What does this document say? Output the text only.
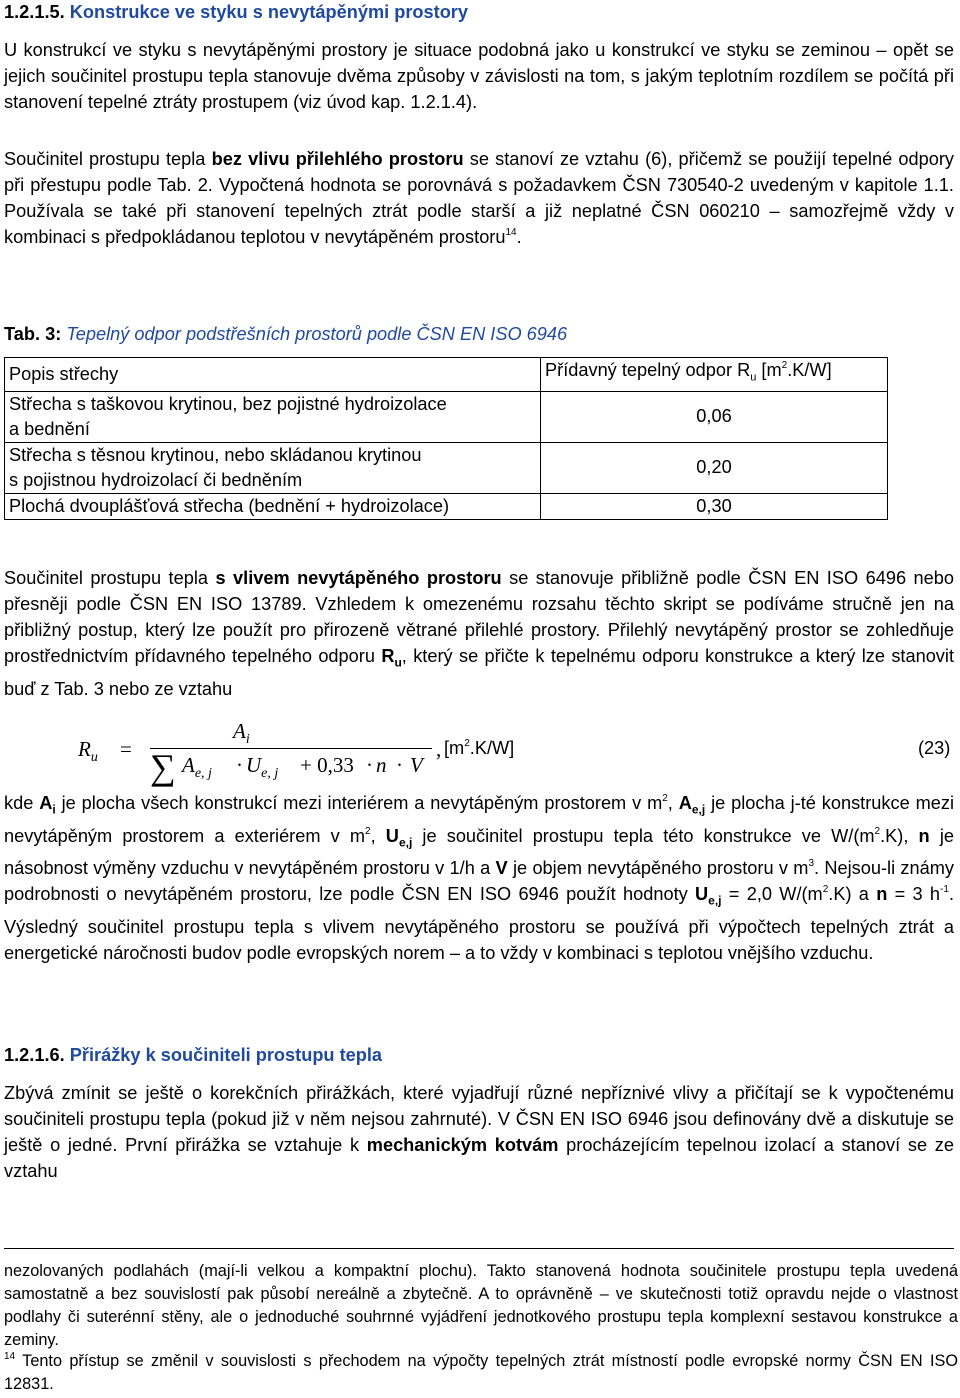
1.2.1.5. Konstrukce ve styku s nevytápěnými prostory

U konstrukcí ve styku s nevytápěnými prostory je situace podobná jako u konstrukcí ve styku se zeminou – opět se jejich součinitel prostupu tepla stanovuje dvěma způsoby v závislosti na tom, s jakým teplotním rozdílem se počítá při stanovení tepelné ztráty prostupem (viz úvod kap. 1.2.1.4).

Součinitel prostupu tepla bez vlivu přilehlého prostoru se stanoví ze vztahu (6), přičemž se použijí tepelné odpory při přestupu podle Tab. 2. Vypočtená hodnota se porovnává s požadavkem ČSN 730540-2 uvedeným v kapitole 1.1. Používala se také při stanovení tepelných ztrát podle starší a již neplatné ČSN 060210 – samozřejmě vždy v kombinaci s předpokládanou teplotou v nevytápěném prostoru$^{14}$.

Tab. 3: Tepelný odpor podstřešních prostorů podle ČSN EN ISO 6946
Popis střechy	Přídavný tepelný odpor $R_u$ $[m^2.K/W]$

Střecha s taškovou krytinou, bez pojistné hydroizolace
a bednění	0,06

Střecha s těsnou krytinou, nebo skládanou krytinou
s pojistnou hydroizolací či bedněním	0,20
Plochá dvouplášťová střecha (bednění + hydroizolace)	0,30

Součinitel prostupu tepla s vlivem nevytápěného prostoru se stanovuje přibližně podle ČSN EN ISO 6496 nebo přesněji podle ČSN EN ISO 13789. Vzhledem k omezenému rozsahu těchto skript se podíváme stručně jen na přibližný postup, který lze použít pro přirozeně větrané přilehlé prostory. Přilehlý nevytápěný prostor se zohledňuje prostřednictvím přídavného tepelného odporu $R_u$, který se přičte k tepelnému odporu konstrukce a který lze stanovit buď z Tab. 3 nebo ze vztahu

$R_u$ =
$A_i$
∑ $A_{e, j} \cdot U_{e, j} + 0,33 \cdot n \cdot V$
, $[m^2.K/W]$	(23)

kde $A_i$ je plocha všech konstrukcí mezi interiérem a nevytápěným prostorem v $m^2$, $A_{e,j}$ je plocha j-té konstrukce mezi nevytápěným prostorem a exteriérem v $m^2$, $U_{e,j}$ je součinitel prostupu tepla této konstrukce ve $W/(m^2.K)$, n je násobnost výměny vzduchu v nevytápěném prostoru v 1/h a V je objem nevytápěného prostoru v $m^3$. Nejsou-li známy podrobnosti o nevytápěném prostoru, lze podle ČSN EN ISO 6946 použít hodnoty $U_{e,j} = 2,0$ $W/(m^2.K)$ a n = 3 $h^{-1}$. Výsledný součinitel prostupu tepla s vlivem nevytápěného prostoru se používá při výpočtech tepelných ztrát a energetické náročnosti budov podle evropských norem – a to vždy v kombinaci s teplotou vnějšího vzduchu.

1.2.1.6. Přirážky k součiniteli prostupu tepla

Zbývá zmínit se ještě o korekčních přirážkách, které vyjadřují různé nepříznivé vlivy a přičítají se k vypočtenému součiniteli prostupu tepla (pokud již v něm nejsou zahrnuté). V ČSN EN ISO 6946 jsou definovány dvě a diskutuje se ještě o jedné. První přirážka se vztahuje k mechanickým kotvám procházejícím tepelnou izolací a stanoví se ze vztahu

nezolovaných podlahách (mají-li velkou a kompaktní plochu). Takto stanovená hodnota součinitele prostupu tepla uvedená samostatně a bez souvislostí pak působí nereálně a zbytečně. A to oprávněně – ve skutečnosti totiž opravdu nejde o vlastnost podlahy či suterénní stěny, ale o jednoduché souhrnné vyjádření jednotkového prostupu tepla komplexní sestavou konstrukce a zeminy.

$^{14}$ Tento přístup se změnil v souvislosti s přechodem na výpočty tepelných ztrát místností podle evropské normy ČSN EN ISO 12831.
